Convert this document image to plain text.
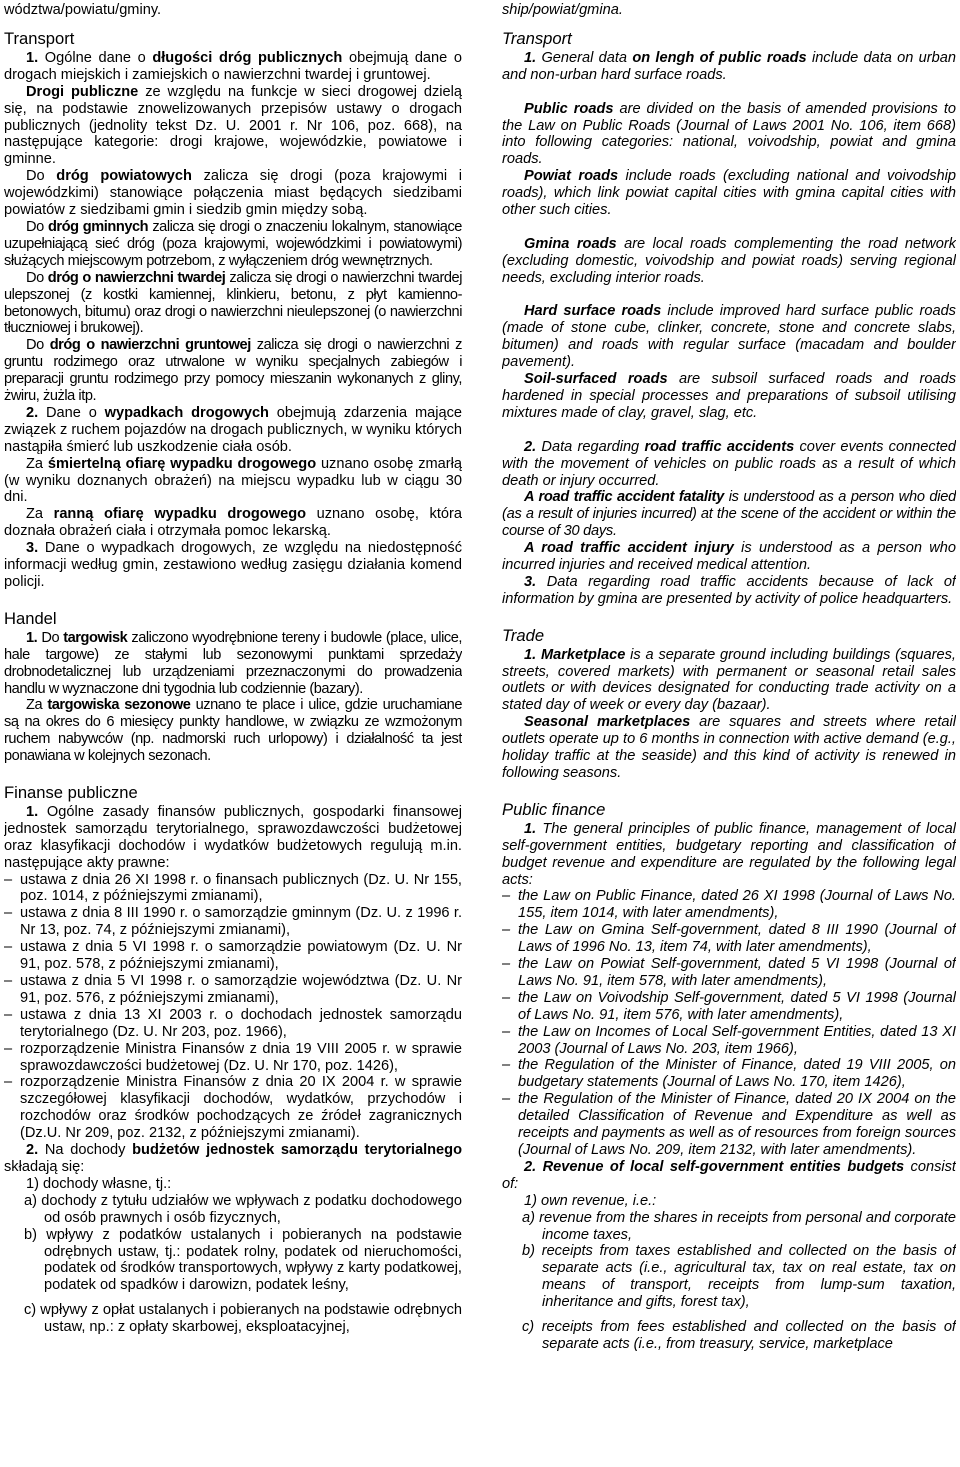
wództwa/powiatu/gminy.

Transport

1. Ogólne dane o długości dróg publicznych obejmują dane o drogach miejskich i zamiejskich o nawierzchni twardej i gruntowej.

Drogi publiczne ze względu na funkcje w sieci drogowej dzielą się, na podstawie znowelizowanych przepisów ustawy o drogach publicznych (jednolity tekst Dz. U. 2001 r. Nr 106, poz. 668), na następujące kategorie: drogi krajowe, wojewódzkie, powiatowe i gminne.

Do dróg powiatowych zalicza się drogi (poza krajowymi i wojewódzkimi) stanowiące połączenia miast będących siedzibami powiatów z siedzibami gmin i siedzib gmin między sobą.

Do dróg gminnych zalicza się drogi o znaczeniu lokalnym, stanowiące uzupełniającą sieć dróg (poza krajowymi, wojewódzkimi i powiatowymi) służących miejscowym potrzebom, z wyłączeniem dróg wewnętrznych.

Do dróg o nawierzchni twardej zalicza się drogi o nawierzchni twardej ulepszonej (z kostki kamiennej, klinkieru, betonu, z płyt kamienno-betonowych, bitumu) oraz drogi o nawierzchni nieulepszonej (o nawierzchni tłuczniowej i brukowej).

Do dróg o nawierzchni gruntowej zalicza się drogi o nawierzchni z gruntu rodzimego oraz utrwalone w wyniku specjalnych zabiegów i preparacji gruntu rodzimego przy pomocy mieszanin wykonanych z gliny, żwiru, żużla itp.

2. Dane o wypadkach drogowych obejmują zdarzenia mające związek z ruchem pojazdów na drogach publicznych, w wyniku których nastąpiła śmierć lub uszkodzenie ciała osób.

Za śmiertelną ofiarę wypadku drogowego uznano osobę zmarłą (w wyniku doznanych obrażeń) na miejscu wypadku lub w ciągu 30 dni.

Za ranną ofiarę wypadku drogowego uznano osobę, która doznała obrażeń ciała i otrzymała pomoc lekarską.

3. Dane o wypadkach drogowych, ze względu na niedostępność informacji według gmin, zestawiono według zasięgu działania komend policji.

Handel

1. Do targowisk zaliczono wyodrębnione tereny i budowle (place, ulice, hale targowe) ze stałymi lub sezonowymi punktami sprzedaży drobnodetalicznej lub urządzeniami przeznaczonymi do prowadzenia handlu w wyznaczone dni tygodnia lub codziennie (bazary).

Za targowiska sezonowe uznano te place i ulice, gdzie uruchamiane są na okres do 6 miesięcy punkty handlowe, w związku ze wzmożonym ruchem nabywców (np. nadmorski ruch urlopowy) i działalność ta jest ponawiana w kolejnych sezonach.

Finanse publiczne

1. Ogólne zasady finansów publicznych, gospodarki finansowej jednostek samorządu terytorialnego, sprawozdawczości budżetowej oraz klasyfikacji dochodów i wydatków budżetowych regulują m.in. następujące akty prawne:

– ustawa z dnia 26 XI 1998 r. o finansach publicznych (Dz. U. Nr 155, poz. 1014, z późniejszymi zmianami),
– ustawa z dnia 8 III 1990 r. o samorządzie gminnym (Dz. U. z 1996 r. Nr 13, poz. 74, z późniejszymi zmianami),
– ustawa z dnia 5 VI 1998 r. o samorządzie powiatowym (Dz. U. Nr 91, poz. 578, z późniejszymi zmianami),
– ustawa z dnia 5 VI 1998 r. o samorządzie województwa (Dz. U. Nr 91, poz. 576, z późniejszymi zmianami),
– ustawa z dnia 13 XI 2003 r. o dochodach jednostek samorządu terytorialnego (Dz. U. Nr 203, poz. 1966),
– rozporządzenie Ministra Finansów z dnia 19 VIII 2005 r. w sprawie sprawozdawczości budżetowej (Dz. U. Nr 170, poz. 1426),
– rozporządzenie Ministra Finansów z dnia 20 IX 2004 r. w sprawie szczegółowej klasyfikacji dochodów, wydatków, przychodów i rozchodów oraz środków pochodzących ze źródeł zagranicznych (Dz.U. Nr 209, poz. 2132, z późniejszymi zmianami).

2. Na dochody budżetów jednostek samorządu terytorialnego składają się:

1) dochody własne, tj.:

a) dochody z tytułu udziałów we wpływach z podatku dochodowego od osób prawnych i osób fizycznych,

b) wpływy z podatków ustalanych i pobieranych na podstawie odrębnych ustaw, tj.: podatek rolny, podatek od nieruchomości, podatek od środków transportowych, wpływy z karty podatkowej, podatek od spadków i darowizn, podatek leśny,

c) wpływy z opłat ustalanych i pobieranych na podstawie odrębnych ustaw, np.: z opłaty skarbowej, eksploatacyjnej,

ship/powiat/gmina.

Transport

1. General data on lengh of public roads include data on urban and non-urban hard surface roads.

Public roads are divided on the basis of amended provisions to the Law on Public Roads (Journal of Laws 2001 No. 106, item 668) into following categories: national, voivodship, powiat and gmina roads.

Powiat roads include roads (excluding national and voivodship roads), which link powiat capital cities with gmina capital cities with other such cities.

Gmina roads are local roads complementing the road network (excluding domestic, voivodship and powiat roads) serving regional needs, excluding interior roads.

Hard surface roads include improved hard surface public roads (made of stone cube, clinker, concrete, stone and concrete slabs, bitumen) and roads with regular surface (macadam and boulder pavement).

Soil-surfaced roads are subsoil surfaced roads and roads hardened in special processes and preparations of subsoil utilising mixtures made of clay, gravel, slag, etc.

2. Data regarding road traffic accidents cover events connected with the movement of vehicles on public roads as a result of which death or injury occurred.

A road traffic accident fatality is understood as a person who died (as a result of injuries incurred) at the scene of the accident or within the course of 30 days.

A road traffic accident injury is understood as a person who incurred injuries and received medical attention.

3. Data regarding road traffic accidents because of lack of information by gmina are presented by activity of police headquarters.

Trade

1. Marketplace is a separate ground including buildings (squares, streets, covered markets) with permanent or seasonal retail sales outlets or with devices designated for conducting trade activity on a stated day of week or every day (bazaar).

Seasonal marketplaces are squares and streets where retail outlets operate up to 6 months in connection with active demand (e.g., holiday traffic at the seaside) and this kind of activity is renewed in following seasons.

Public finance

1. The general principles of public finance, management of local self-government entities, budgetary reporting and classification of budget revenue and expenditure are regulated by the following legal acts:

– the Law on Public Finance, dated 26 XI 1998 (Journal of Laws No. 155, item 1014, with later amendments),
– the Law on Gmina Self-government, dated 8 III 1990 (Journal of Laws of 1996 No. 13, item 74, with later amendments),
– the Law on Powiat Self-government, dated 5 VI 1998 (Journal of Laws No. 91, item 578, with later amendments),
– the Law on Voivodship Self-government, dated 5 VI 1998 (Journal of Laws No. 91, item 576, with later amendments),
– the Law on Incomes of Local Self-government Entities, dated 13 XI 2003 (Journal of Laws No. 203, item 1966),
– the Regulation of the Minister of Finance, dated 19 VIII 2005, on budgetary statements (Journal of Laws No. 170, item 1426),
– the Regulation of the Minister of Finance, dated 20 IX 2004 on the detailed Classification of Revenue and Expenditure as well as receipts and payments as well as of resources from foreign sources (Journal of Laws No. 209, item 2132, with later amendments).

2. Revenue of local self-government entities budgets consist of:

1) own revenue, i.e.:

a) revenue from the shares in receipts from personal and corporate income taxes,

b) receipts from taxes established and collected on the basis of separate acts (i.e., agricultural tax, tax on real estate, tax on means of transport, receipts from lump-sum taxation, inheritance and gifts, forest tax),

c) receipts from fees established and collected on the basis of separate acts (i.e., from treasury, service, marketplace
